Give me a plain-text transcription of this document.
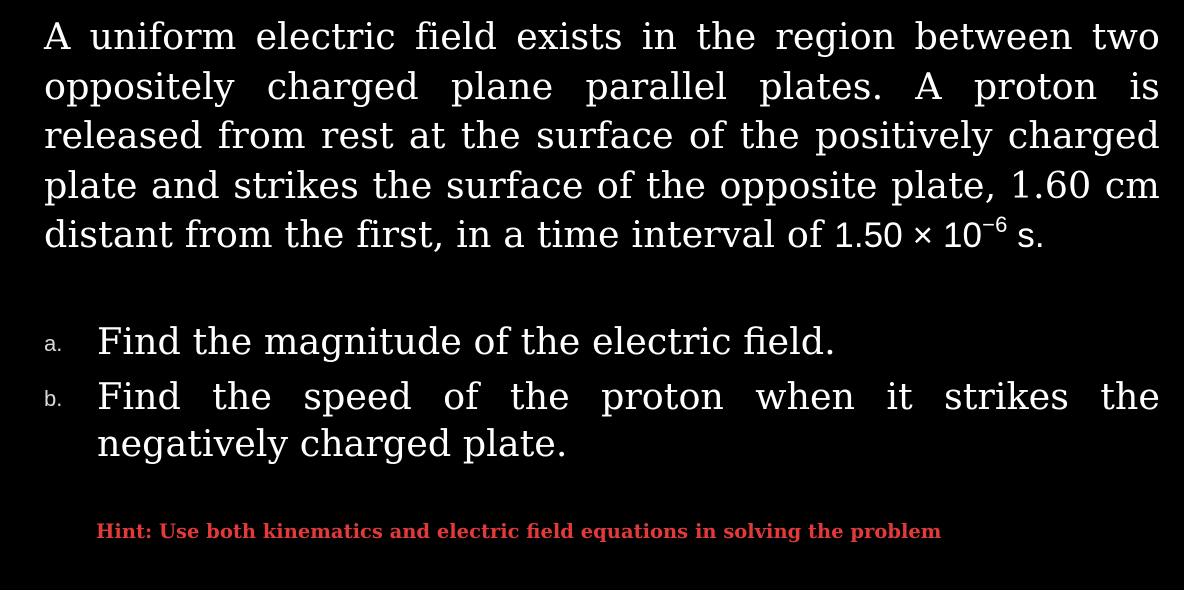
A uniform electric field exists in the region between two oppositely charged plane parallel plates. A proton is released from rest at the surface of the positively charged plate and strikes the surface of the opposite plate, 1.60 cm distant from the first, in a time interval of $1.50 \times 10^{-6}$ s.
a. Find the magnitude of the electric field.
b. Find the speed of the proton when it strikes the negatively charged plate.
Hint: Use both kinematics and electric field equations in solving the problem
